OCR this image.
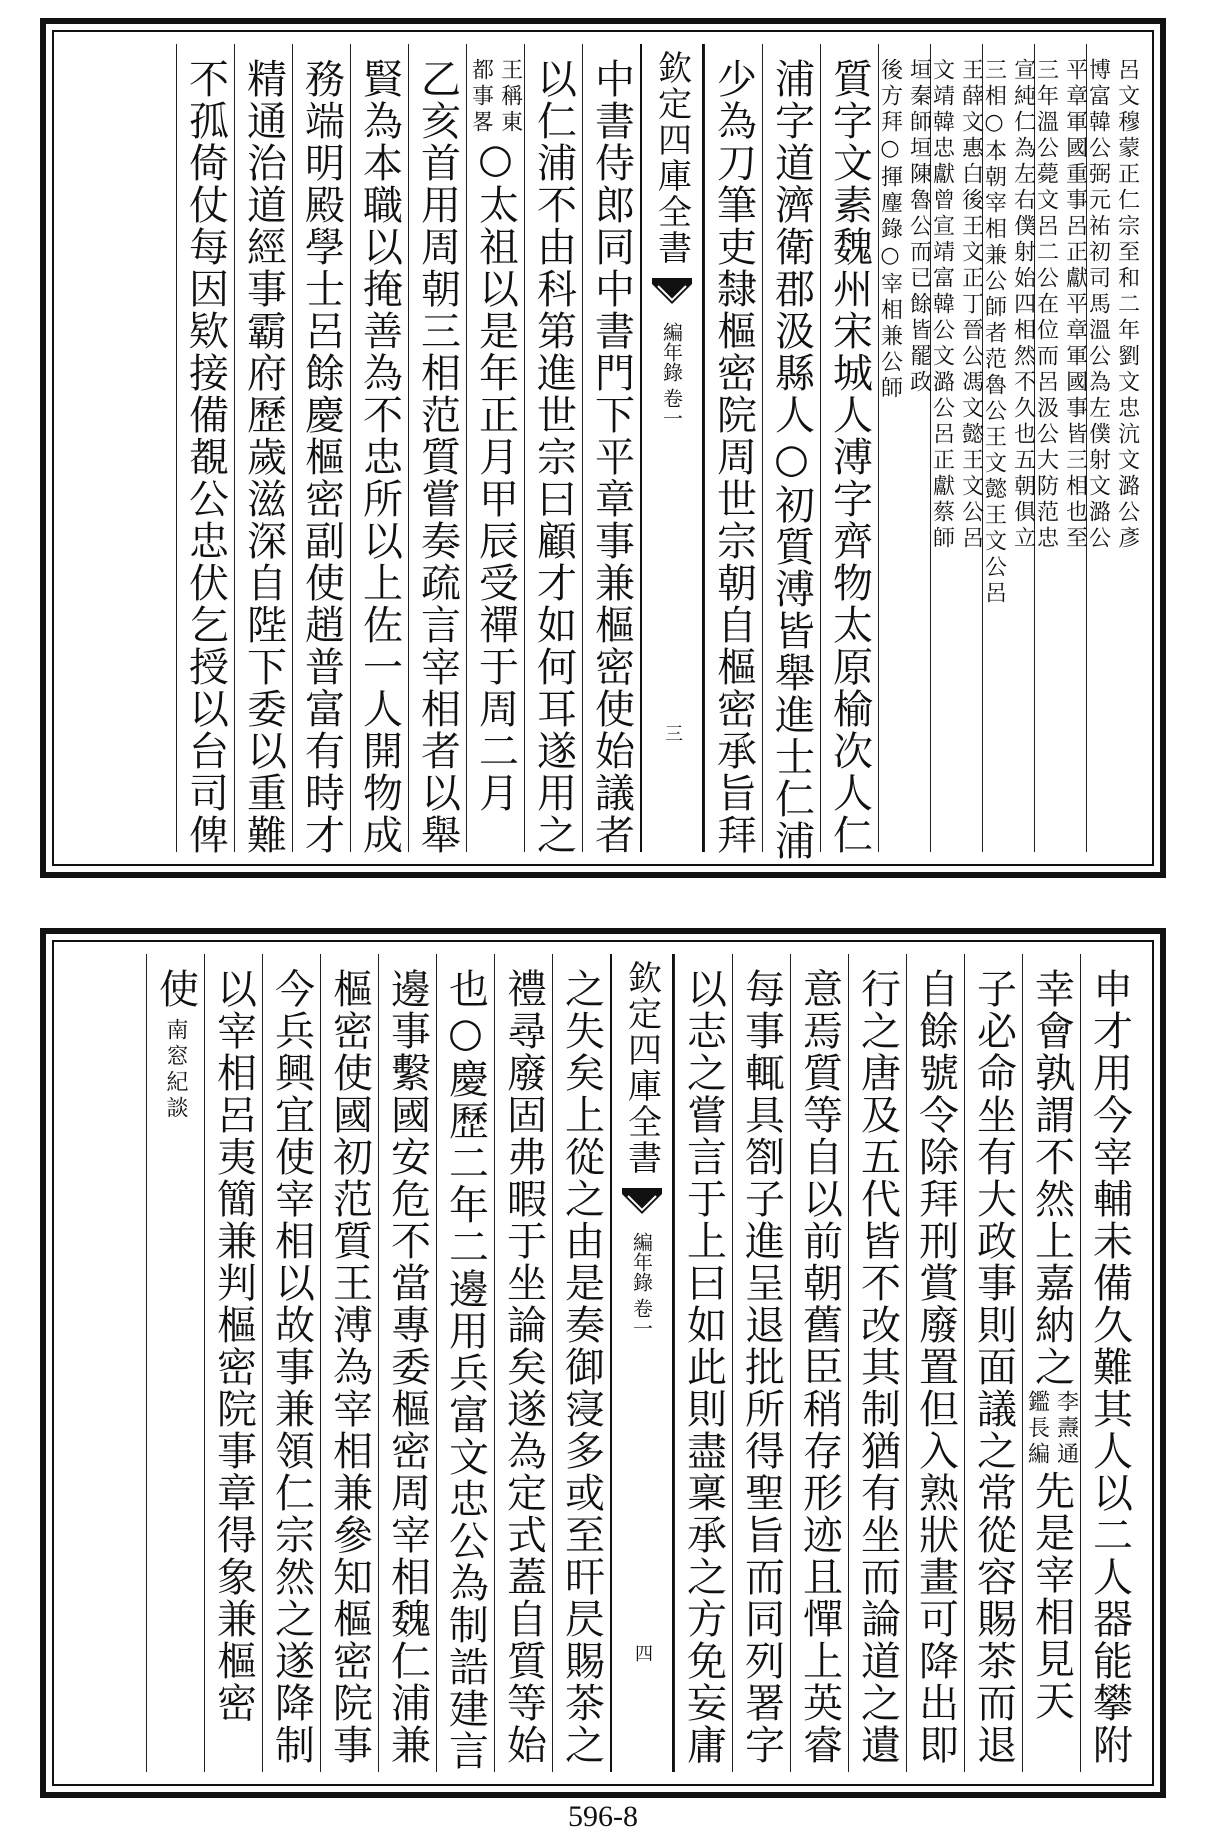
呂文穆蒙正仁宗至和二年劉文忠沆文潞公彥
博富韓公弼元祐初司馬溫公為左僕射文潞公
平章軍國重事呂正獻平章軍國事皆三相也至
三年溫公薨文呂二公在位而呂汲公大防范忠
宣純仁為左右僕射始四相然不久也五朝俱立
三相○本朝宰相兼公師者范魯公王文懿王文公呂
王薛文惠白後王文正丁晉公馮文懿王文公呂
文靖韓忠獻曾宣靖富韓公文潞公呂正獻蔡師
垣秦師垣陳魯公而已餘皆罷政
後方拜○揮麈錄○宰相兼公師
質字文素魏州宋城人溥字齊物太原榆次人仁
浦字道濟衛郡汲縣人○初質溥皆舉進士仁浦
少為刀筆吏隸樞密院周世宗朝自樞密承旨拜
欽定四庫全書
編年錄
卷一
三
中書侍郎同中書門下平章事兼樞密使始議者
以仁浦不由科第進世宗曰顧才如何耳遂用之
王稱東
都事畧
○太祖以是年正月甲辰受禪于周二月
乙亥首用周朝三相范質嘗奏疏言宰相者以舉
賢為本職以掩善為不忠所以上佐一人開物成
務端明殿學士呂餘慶樞密副使趙普富有時才
精通治道經事霸府歷歲滋深自陛下委以重難
不孤倚仗每因欵接備覩公忠伏乞授以台司俾
申才用今宰輔未備久難其人以二人器能攀附
幸會孰謂不然上嘉納之
李燾通
鑑長編
先是宰相見天
子必命坐有大政事則面議之常從容賜茶而退
自餘號令除拜刑賞廢置但入熟狀畫可降出即
行之唐及五代皆不改其制猶有坐而論道之遺
意焉質等自以前朝舊臣稍存形迹且憚上英睿
每事輒具劄子進呈退批所得聖旨而同列署字
以志之嘗言于上曰如此則盡稟承之方免妄庸
欽定四庫全書
編年錄
卷一
四
之失矣上從之由是奏御寖多或至旰昃賜茶之
禮尋廢固弗暇于坐論矣遂為定式蓋自質等始
也○慶歷二年二邊用兵富文忠公為制誥建言
邊事繫國安危不當專委樞密周宰相魏仁浦兼
樞密使國初范質王溥為宰相兼參知樞密院事
今兵興宜使宰相以故事兼領仁宗然之遂降制
以宰相呂夷簡兼判樞密院事章得象兼樞密
使
南窓紀談
596-8
